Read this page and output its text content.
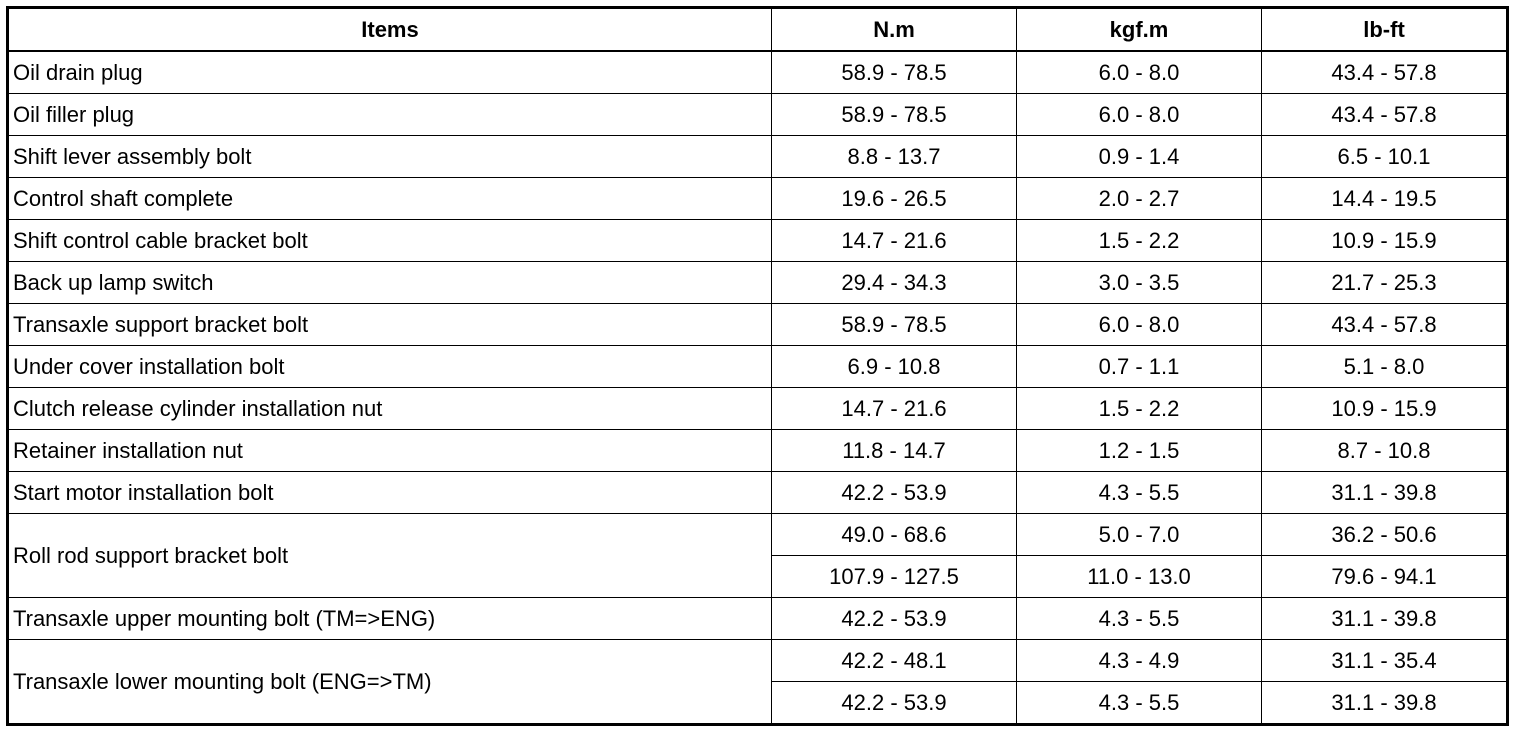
Items	N.m	kgf.m	lb-ft
Oil drain plug	58.9 - 78.5	6.0 - 8.0	43.4 - 57.8
Oil filler plug	58.9 - 78.5	6.0 - 8.0	43.4 - 57.8
Shift lever assembly bolt	8.8 - 13.7	0.9 - 1.4	6.5 - 10.1
Control shaft complete	19.6 - 26.5	2.0 - 2.7	14.4 - 19.5
Shift control cable bracket bolt	14.7 - 21.6	1.5 - 2.2	10.9 - 15.9
Back up lamp switch	29.4 - 34.3	3.0 - 3.5	21.7 - 25.3
Transaxle support bracket bolt	58.9 - 78.5	6.0 - 8.0	43.4 - 57.8
Under cover installation bolt	6.9 - 10.8	0.7 - 1.1	5.1 - 8.0
Clutch release cylinder installation nut	14.7 - 21.6	1.5 - 2.2	10.9 - 15.9
Retainer installation nut	11.8 - 14.7	1.2 - 1.5	8.7 - 10.8
Start motor installation bolt	42.2 - 53.9	4.3 - 5.5	31.1 - 39.8
Roll rod support bracket bolt	49.0 - 68.6	5.0 - 7.0	36.2 - 50.6
	107.9 - 127.5	11.0 - 13.0	79.6 - 94.1
Transaxle upper mounting bolt (TM=>ENG)	42.2 - 53.9	4.3 - 5.5	31.1 - 39.8
Transaxle lower mounting bolt (ENG=>TM)	42.2 - 48.1	4.3 - 4.9	31.1 - 35.4
	42.2 - 53.9	4.3 - 5.5	31.1 - 39.8
